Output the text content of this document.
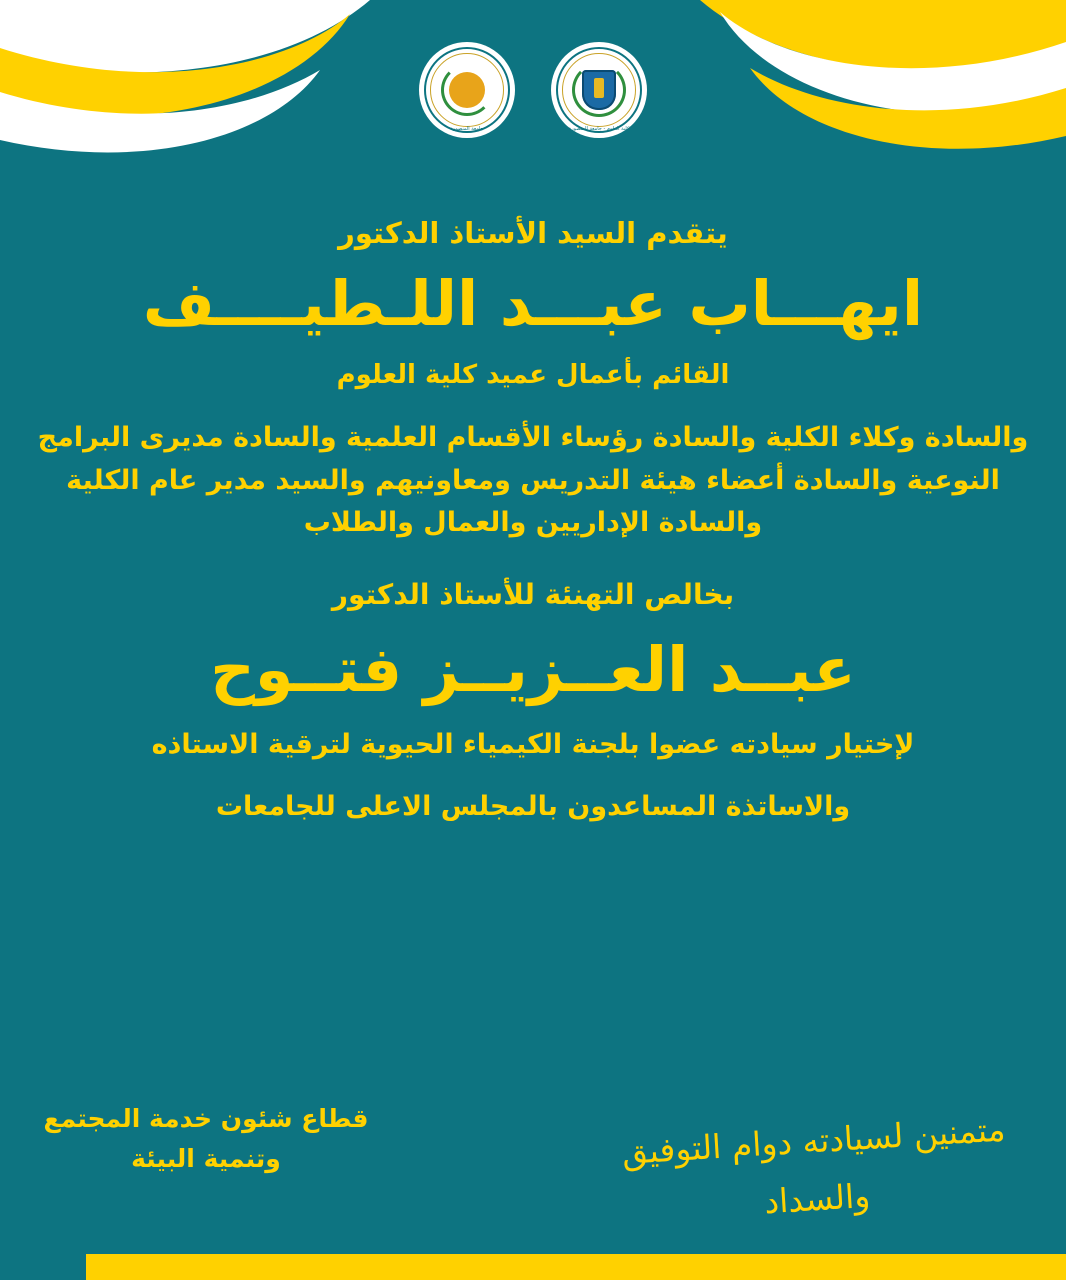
كلية العلوم - جامعة المنصورة
جامعة المنصورة
يتقدم السيد الأستاذ الدكتور
ايهـــاب عبـــد اللـطيــــف
القائم بأعمال عميد كلية العلوم
والسادة وكلاء الكلية والسادة رؤساء الأقسام العلمية والسادة مديرى البرامج النوعية والسادة أعضاء هيئة التدريس ومعاونيهم والسيد مدير عام الكلية والسادة الإداريين والعمال والطلاب
بخالص التهنئة للأستاذ الدكتور
عبــد العــزيــز فتــوح
لإختيار سيادته عضوا بلجنة الكيمياء الحيوية لترقية الاستاذه
والاساتذة المساعدون بالمجلس الاعلى للجامعات
متمنين لسيادته دوام التوفيق والسداد
قطاع شئون خدمة المجتمع وتنمية البيئة
